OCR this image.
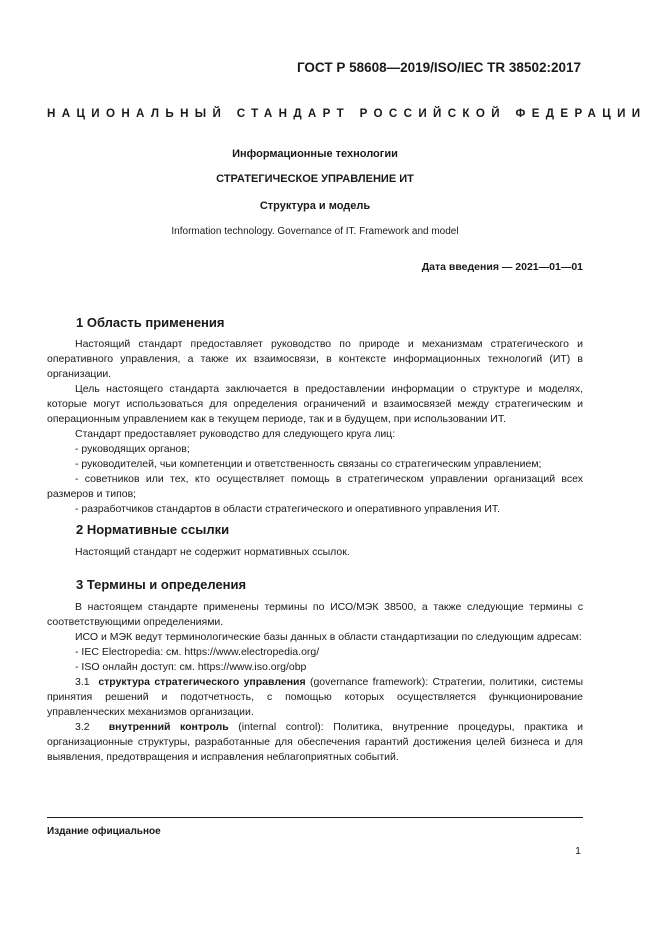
ГОСТ Р 58608—2019/ISO/IEC TR 38502:2017
НАЦИОНАЛЬНЫЙ СТАНДАРТ РОССИЙСКОЙ ФЕДЕРАЦИИ
Информационные технологии
СТРАТЕГИЧЕСКОЕ УПРАВЛЕНИЕ ИТ
Структура и модель
Information technology. Governance of IT. Framework and model
Дата введения — 2021—01—01
1 Область применения

Настоящий стандарт предоставляет руководство по природе и механизмам стратегического и оперативного управления, а также их взаимосвязи, в контексте информационных технологий (ИТ) в организации.

Цель настоящего стандарта заключается в предоставлении информации о структуре и моделях, которые могут использоваться для определения ограничений и взаимосвязей между стратегическим и операционным управлением как в текущем периоде, так и в будущем, при использовании ИТ.

Стандарт предоставляет руководство для следующего круга лиц:

- руководящих органов;

- руководителей, чьи компетенции и ответственность связаны со стратегическим управлением;

- советников или тех, кто осуществляет помощь в стратегическом управлении организаций всех размеров и типов;

- разработчиков стандартов в области стратегического и оперативного управления ИТ.

2 Нормативные ссылки

Настоящий стандарт не содержит нормативных ссылок.

3 Термины и определения

В настоящем стандарте применены термины по ИСО/МЭК 38500, а также следующие термины с соответствующими определениями.

ИСО и МЭК ведут терминологические базы данных в области стандартизации по следующим адресам:

- IEC Electropedia: см. https://www.electropedia.org/

- ISO онлайн доступ: см. https://www.iso.org/obp

3.1 структура стратегического управления (governance framework): Стратегии, политики, системы принятия решений и подотчетность, с помощью которых осуществляется функционирование управленческих механизмов организации.

3.2 внутренний контроль (internal control): Политика, внутренние процедуры, практика и организационные структуры, разработанные для обеспечения гарантий достижения целей бизнеса и для выявления, предотвращения и исправления неблагоприятных событий.

Издание официальное
1
